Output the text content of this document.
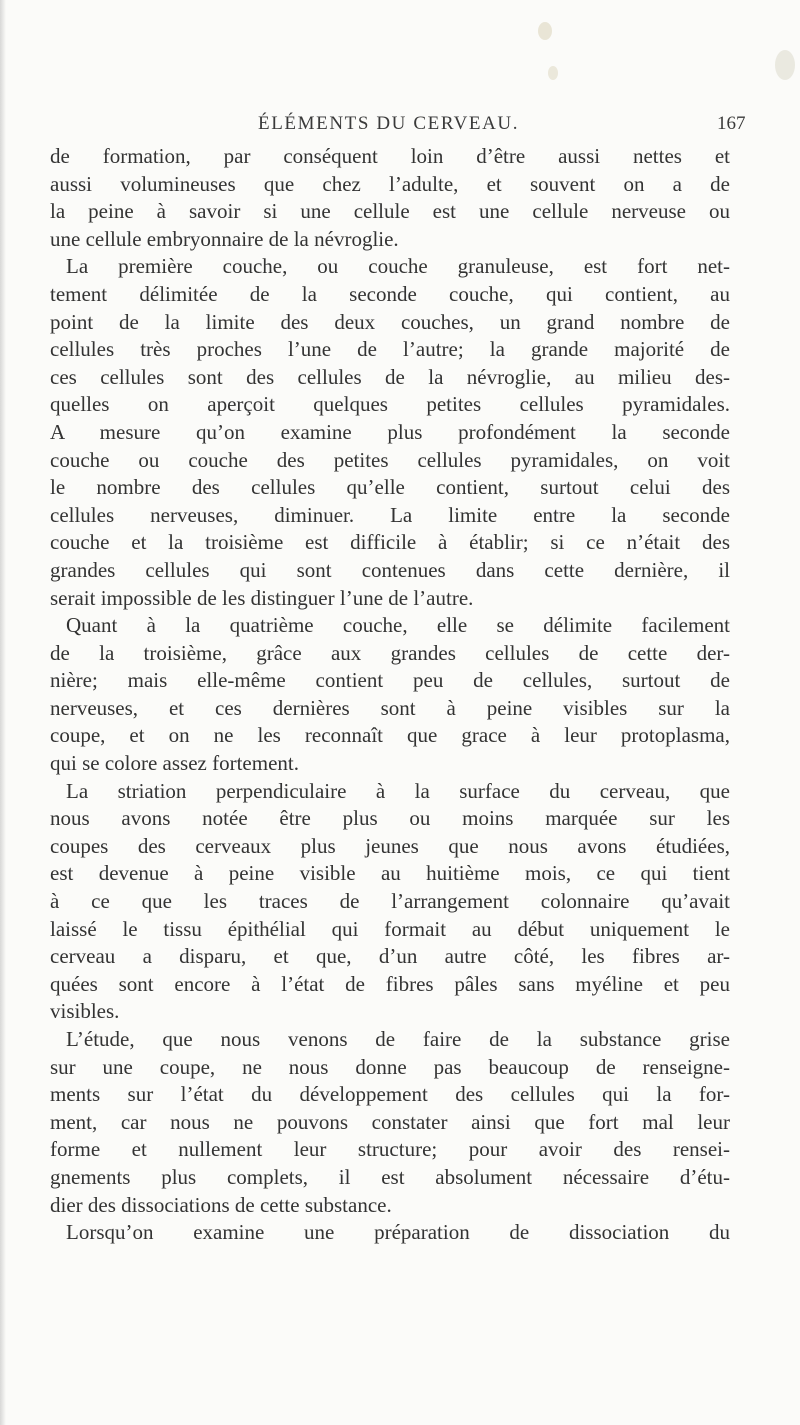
ÉLÉMENTS DU CERVEAU.	167
de formation, par conséquent loin d’être aussi nettes et
aussi volumineuses que chez l’adulte, et souvent on a de
la peine à savoir si une cellule est une cellule nerveuse ou
une cellule embryonnaire de la névroglie.
La première couche, ou couche granuleuse, est fort net-
tement délimitée de la seconde couche, qui contient, au
point de la limite des deux couches, un grand nombre de
cellules très proches l’une de l’autre; la grande majorité de
ces cellules sont des cellules de la névroglie, au milieu des-
quelles on aperçoit quelques petites cellules pyramidales.
A mesure qu’on examine plus profondément la seconde
couche ou couche des petites cellules pyramidales, on voit
le nombre des cellules qu’elle contient, surtout celui des
cellules nerveuses, diminuer. La limite entre la seconde
couche et la troisième est difficile à établir; si ce n’était des
grandes cellules qui sont contenues dans cette dernière, il
serait impossible de les distinguer l’une de l’autre.
Quant à la quatrième couche, elle se délimite facilement
de la troisième, grâce aux grandes cellules de cette der-
nière; mais elle-même contient peu de cellules, surtout de
nerveuses, et ces dernières sont à peine visibles sur la
coupe, et on ne les reconnaît que grace à leur protoplasma,
qui se colore assez fortement.
La striation perpendiculaire à la surface du cerveau, que
nous avons notée être plus ou moins marquée sur les
coupes des cerveaux plus jeunes que nous avons étudiées,
est devenue à peine visible au huitième mois, ce qui tient
à ce que les traces de l’arrangement colonnaire qu’avait
laissé le tissu épithélial qui formait au début uniquement le
cerveau a disparu, et que, d’un autre côté, les fibres ar-
quées sont encore à l’état de fibres pâles sans myéline et peu
visibles.
L’étude, que nous venons de faire de la substance grise
sur une coupe, ne nous donne pas beaucoup de renseigne-
ments sur l’état du développement des cellules qui la for-
ment, car nous ne pouvons constater ainsi que fort mal leur
forme et nullement leur structure; pour avoir des rensei-
gnements plus complets, il est absolument nécessaire d’étu-
dier des dissociations de cette substance.
Lorsqu’on examine une préparation de dissociation du
